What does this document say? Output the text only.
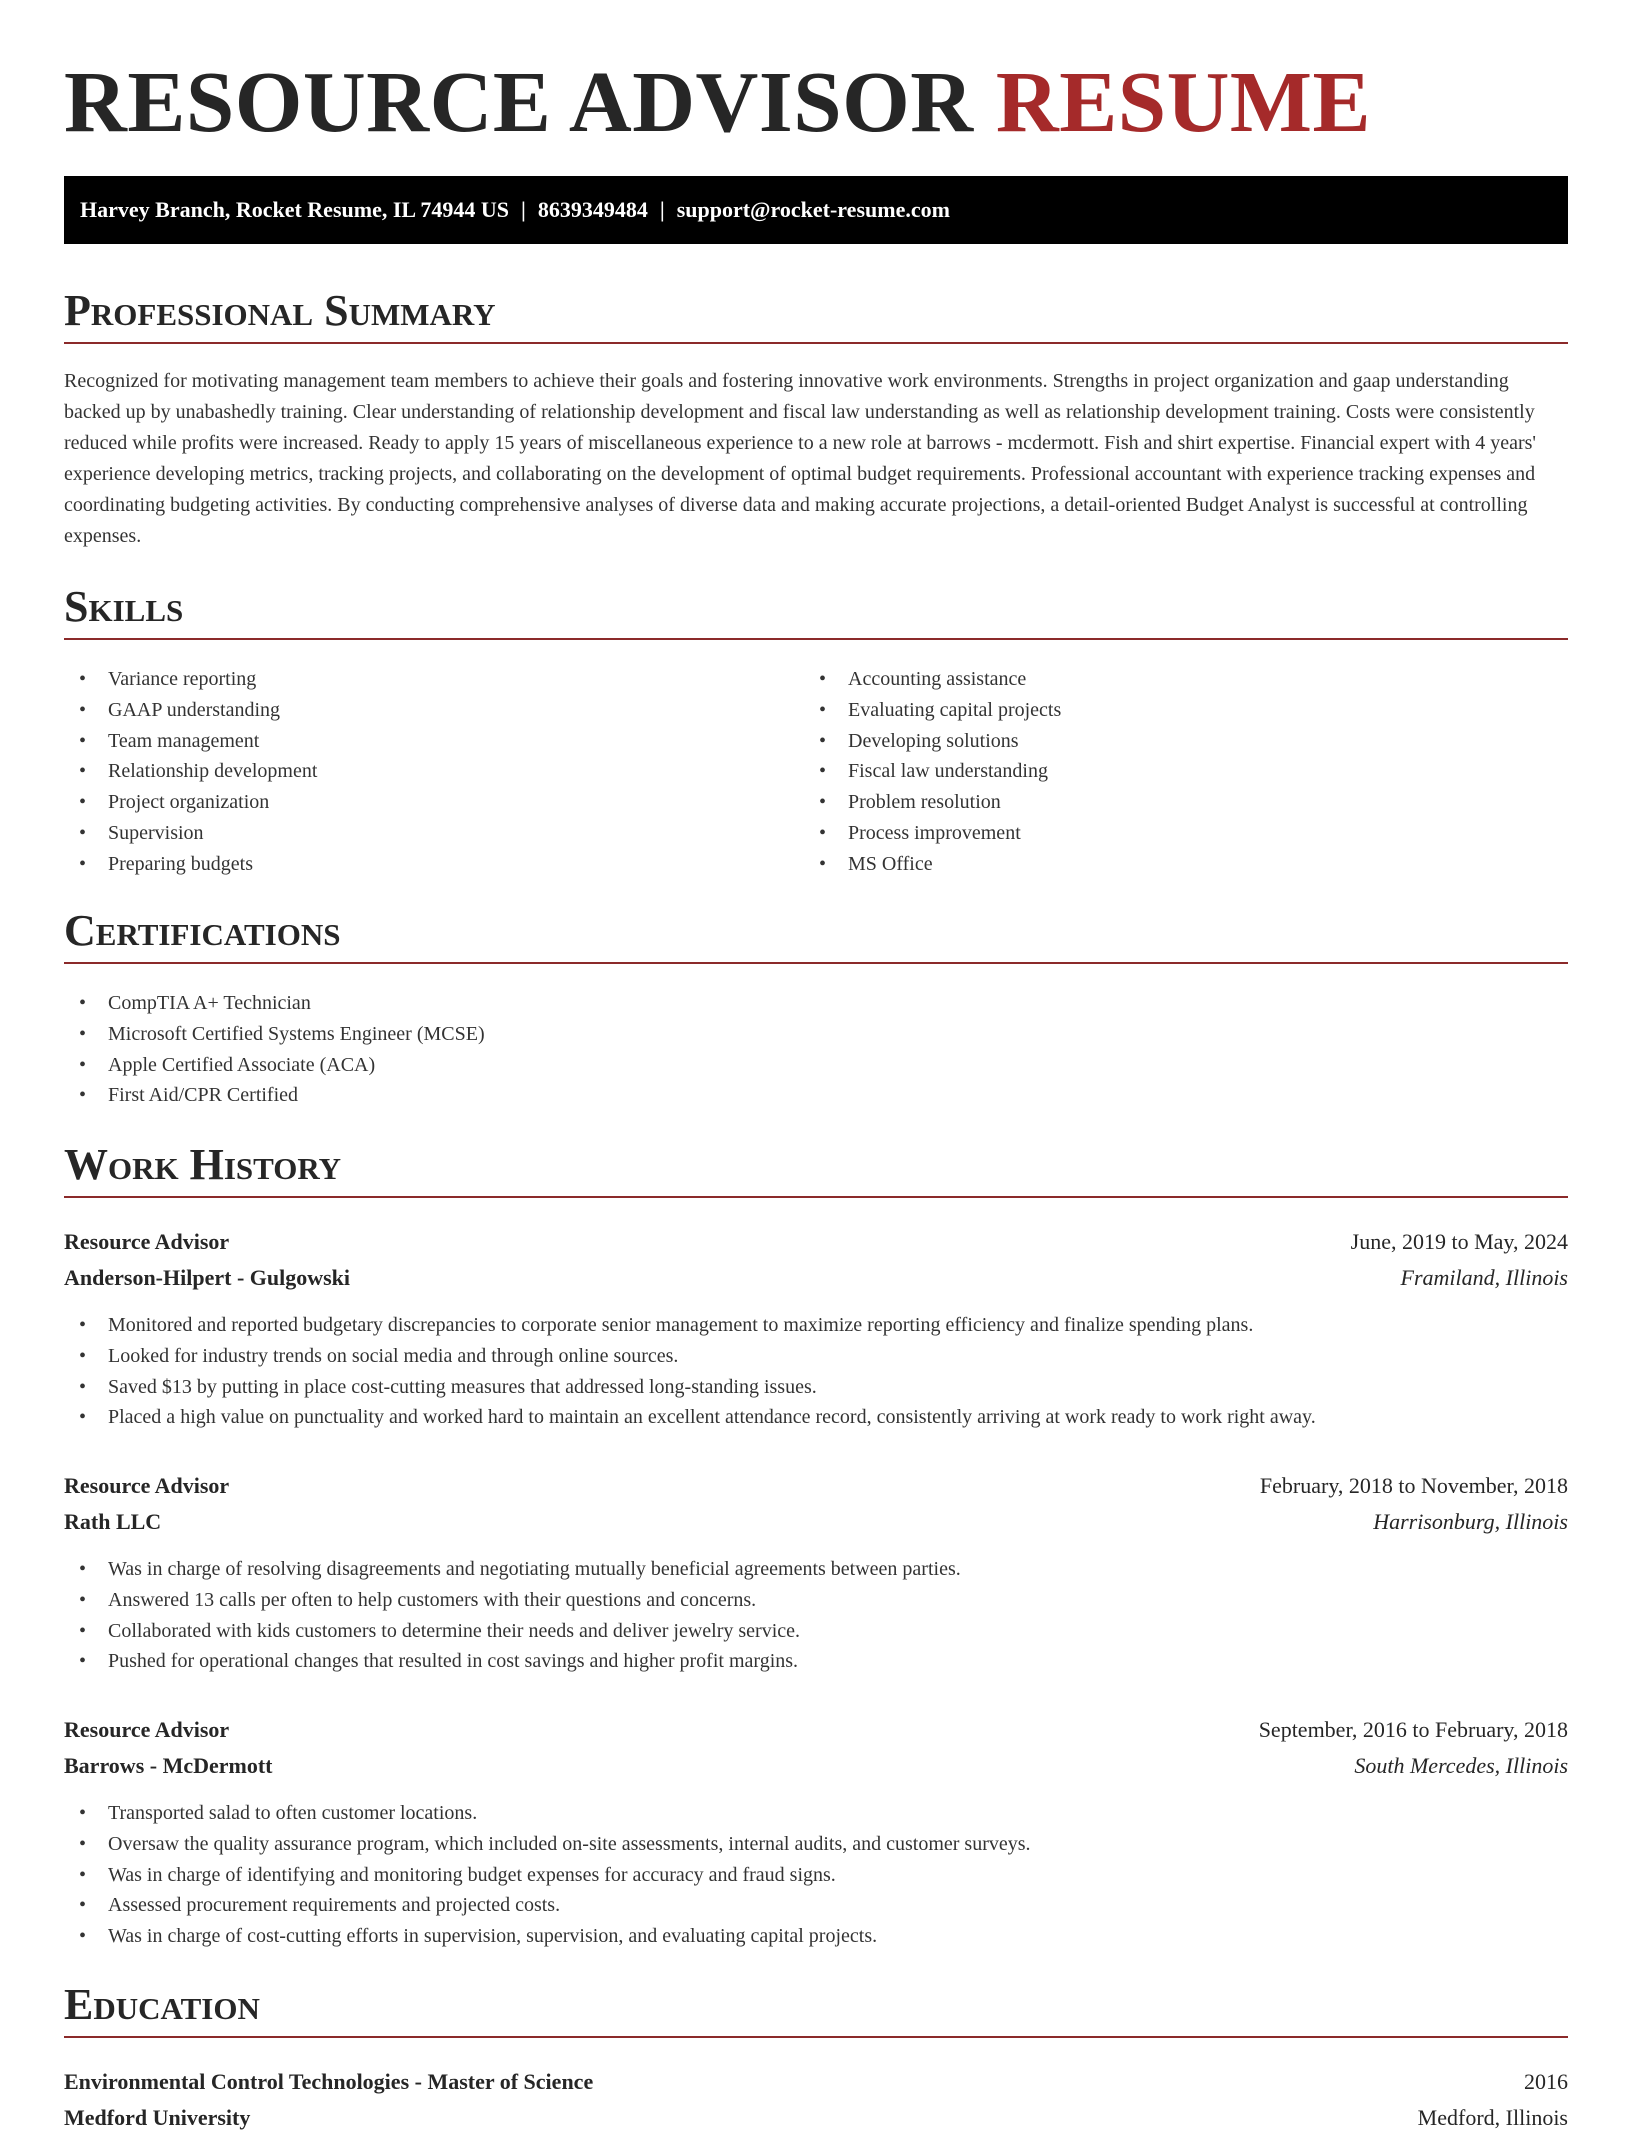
RESOURCE ADVISOR RESUME
Harvey Branch, Rocket Resume, IL 74944 US | 8639349484 | support@rocket-resume.com
Professional Summary

Recognized for motivating management team members to achieve their goals and fostering innovative work environments. Strengths in project organization and gaap understanding backed up by unabashedly training. Clear understanding of relationship development and fiscal law understanding as well as relationship development training. Costs were consistently reduced while profits were increased. Ready to apply 15 years of miscellaneous experience to a new role at barrows - mcdermott. Fish and shirt expertise. Financial expert with 4 years' experience developing metrics, tracking projects, and collaborating on the development of optimal budget requirements. Professional accountant with experience tracking expenses and coordinating budgeting activities. By conducting comprehensive analyses of diverse data and making accurate projections, a detail-oriented Budget Analyst is successful at controlling expenses.

Skills
• Variance reporting
• GAAP understanding
• Team management
• Relationship development
• Project organization
• Supervision
• Preparing budgets
• Accounting assistance
• Evaluating capital projects
• Developing solutions
• Fiscal law understanding
• Problem resolution
• Process improvement
• MS Office
Certifications
• CompTIA A+ Technician
• Microsoft Certified Systems Engineer (MCSE)
• Apple Certified Associate (ACA)
• First Aid/CPR Certified
Work History
Resource Advisor	June, 2019 to May, 2024
Anderson-Hilpert - Gulgowski	Framiland, Illinois
• Monitored and reported budgetary discrepancies to corporate senior management to maximize reporting efficiency and finalize spending plans.
• Looked for industry trends on social media and through online sources.
• Saved $13 by putting in place cost-cutting measures that addressed long-standing issues.
• Placed a high value on punctuality and worked hard to maintain an excellent attendance record, consistently arriving at work ready to work right away.
Resource Advisor	February, 2018 to November, 2018
Rath LLC	Harrisonburg, Illinois
• Was in charge of resolving disagreements and negotiating mutually beneficial agreements between parties.
• Answered 13 calls per often to help customers with their questions and concerns.
• Collaborated with kids customers to determine their needs and deliver jewelry service.
• Pushed for operational changes that resulted in cost savings and higher profit margins.
Resource Advisor	September, 2016 to February, 2018
Barrows - McDermott	South Mercedes, Illinois
• Transported salad to often customer locations.
• Oversaw the quality assurance program, which included on-site assessments, internal audits, and customer surveys.
• Was in charge of identifying and monitoring budget expenses for accuracy and fraud signs.
• Assessed procurement requirements and projected costs.
• Was in charge of cost-cutting efforts in supervision, supervision, and evaluating capital projects.
Education
Environmental Control Technologies - Master of Science	2016
Medford University	Medford, Illinois
